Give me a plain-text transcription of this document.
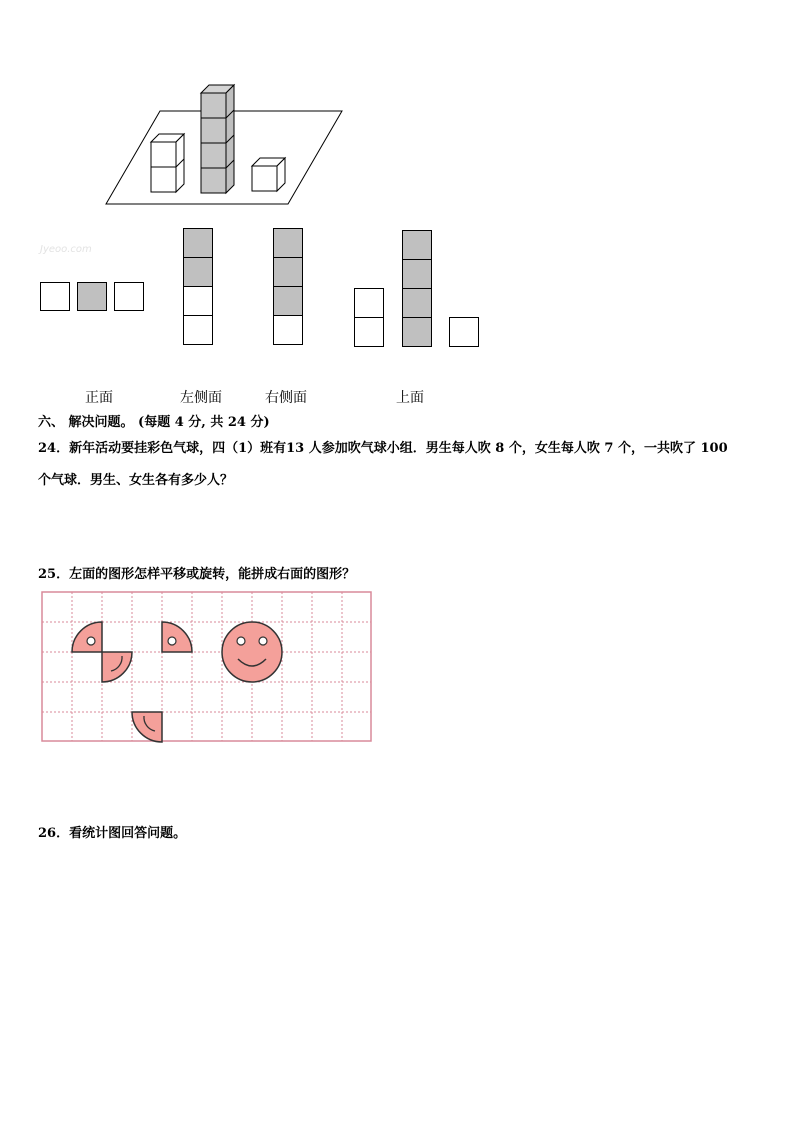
Jyeoo.com
正面	左侧面	右侧面	上面
六、 解决问题。 (每题 4 分, 共 24 分)
24．新年活动要挂彩色气球，四（1）班有13 人参加吹气球小组．男生每人吹 8 个，女生每人吹 7 个，一共吹了 100
个气球．男生、女生各有多少人？
25．左面的图形怎样平移或旋转，能拼成右面的图形？
26．看统计图回答问题。
